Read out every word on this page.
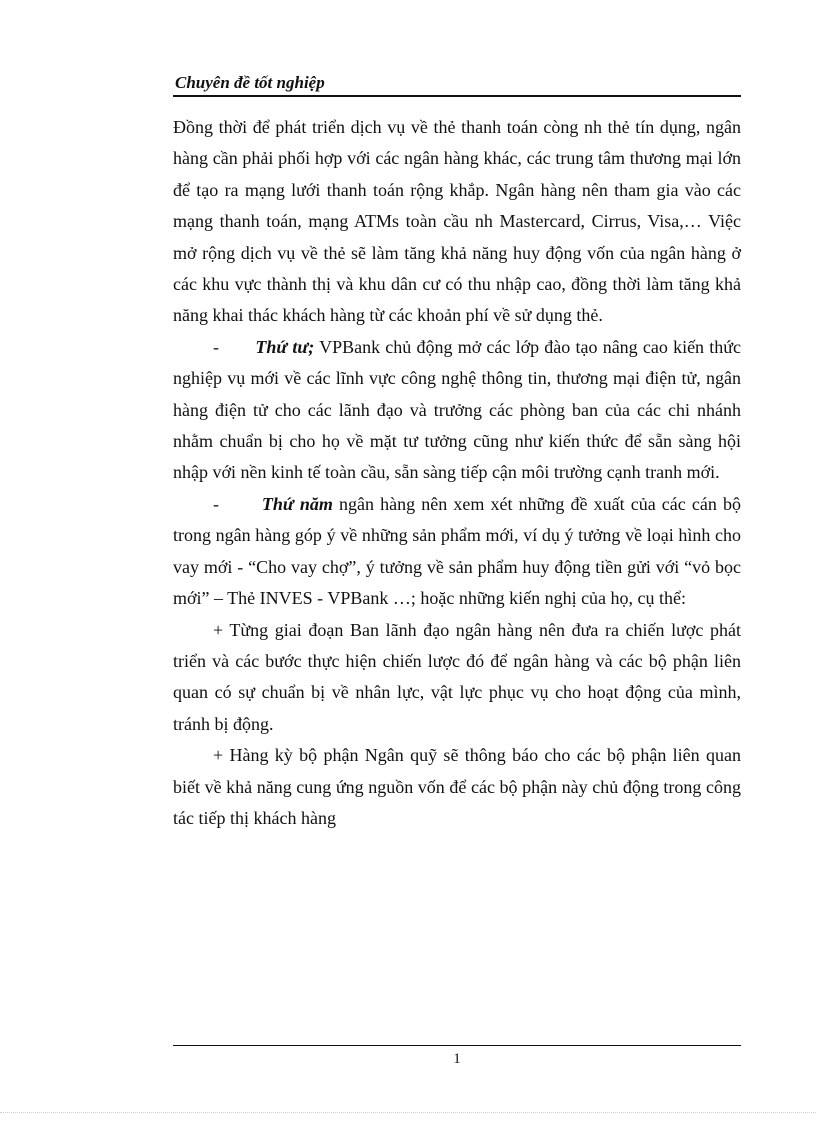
Chuyên đề tốt nghiệp

Đồng thời để phát triển dịch vụ về thẻ thanh toán còng nh thẻ tín dụng, ngân hàng cần phải phối hợp với các ngân hàng khác, các trung tâm thương mại lớn để tạo ra mạng lưới thanh toán rộng khắp. Ngân hàng nên tham gia vào các mạng thanh toán, mạng ATMs toàn cầu nh Mastercard, Cirrus, Visa,… Việc mở rộng dịch vụ về thẻ sẽ làm tăng khả năng huy động vốn của ngân hàng ở các khu vực thành thị và khu dân cư có thu nhập cao, đồng thời làm tăng khả năng khai thác khách hàng từ các khoản phí về sử dụng thẻ.

- Thứ tư; VPBank chủ động mở các lớp đào tạo nâng cao kiến thức nghiệp vụ mới về các lĩnh vực công nghệ thông tin, thương mại điện tử, ngân hàng điện tử cho các lãnh đạo và trưởng các phòng ban của các chi nhánh nhằm chuẩn bị cho họ về mặt tư tưởng cũng như kiến thức để sẵn sàng hội nhập với nền kinh tế toàn cầu, sẵn sàng tiếp cận môi trường cạnh tranh mới.

- Thứ năm ngân hàng nên xem xét những đề xuất của các cán bộ trong ngân hàng góp ý về những sản phẩm mới, ví dụ ý tưởng về loại hình cho vay mới - “Cho vay chợ”, ý tưởng về sản phẩm huy động tiền gửi với “vỏ bọc mới” – Thẻ INVES - VPBank …; hoặc những kiến nghị của họ, cụ thể:

+ Từng giai đoạn Ban lãnh đạo ngân hàng nên đưa ra chiến lược phát triển và các bước thực hiện chiến lược đó để ngân hàng và các bộ phận liên quan có sự chuẩn bị về nhân lực, vật lực phục vụ cho hoạt động của mình, tránh bị động.

+ Hàng kỳ bộ phận Ngân quỹ sẽ thông báo cho các bộ phận liên quan biết về khả năng cung ứng nguồn vốn để các bộ phận này chủ động trong công tác tiếp thị khách hàng

1
